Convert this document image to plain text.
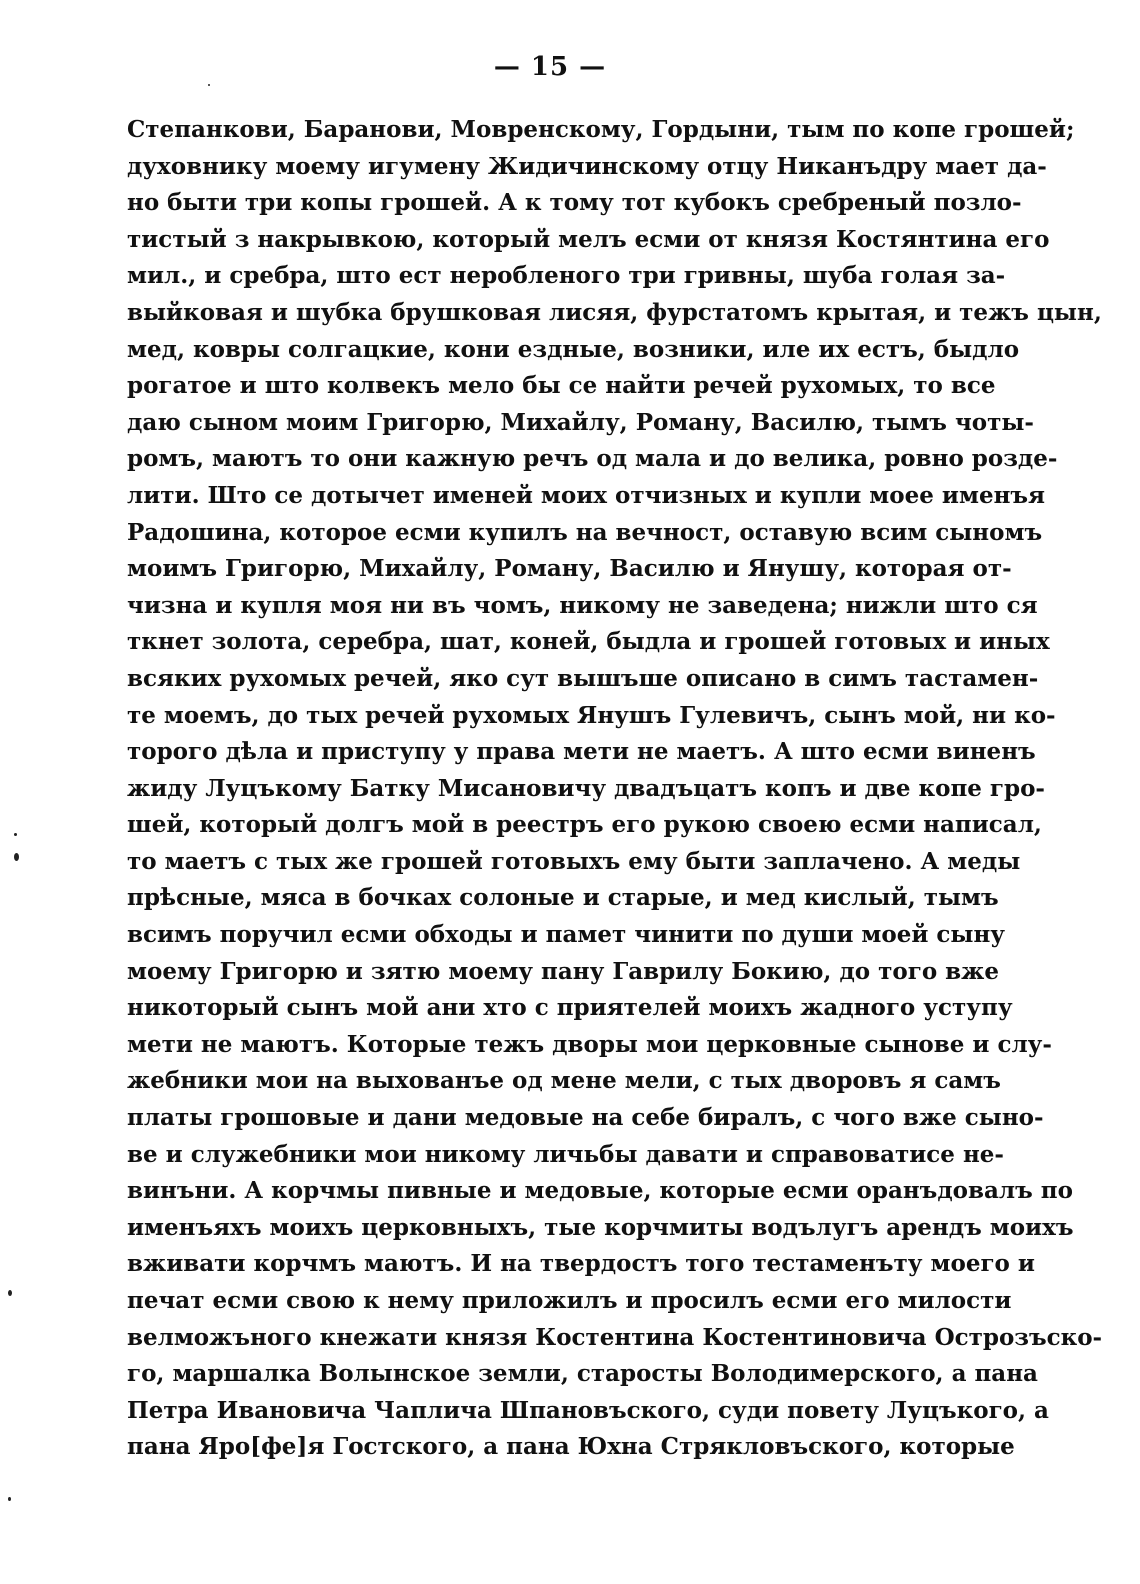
— 15 —
Степанкови, Баранови, Мовренскому, Гордыни, тым по копе грошей;
духовнику моему игумену Жидичинскому отцу Никанъдру мает да-
но быти три копы грошей. А к тому тот кубокъ сребреный позло-
тистый з накрывкою, который мелъ есми от князя Костянтина его
мил., и сребра, што ест неробленого три гривны, шуба голая за-
выйковая и шубка брушковая лисяя, фурстатомъ крытая, и тежъ цын,
мед, ковры солгацкие, кони ездные, возники, иле их естъ, быдло
рогатое и што колвекъ мело бы се найти речей рухомых, то все
даю сыном моим Григорю, Михайлу, Роману, Василю, тымъ чоты-
ромъ, маютъ то они кажную речъ од мала и до велика, ровно розде-
лити. Што се дотычет именей моих отчизных и купли моее именъя
Радошина, которое есми купилъ на вечност, оставую всим сыномъ
моимъ Григорю, Михайлу, Роману, Василю и Янушу, которая от-
чизна и купля моя ни въ чомъ, никому не заведена; нижли што ся
ткнет золота, серебра, шат, коней, быдла и грошей готовых и иных
всяких рухомых речей, яко сут вышъше описано в симъ тастамен-
те моемъ, до тых речей рухомых Янушъ Гулевичъ, сынъ мой, ни ко-
торого дѣла и приступу у права мети не маетъ. А што есми виненъ
жиду Луцъкому Батку Мисановичу двадъцатъ копъ и две копе гро-
шей, который долгъ мой в реестръ его рукою своею есми написал,
то маетъ с тых же грошей готовыхъ ему быти заплачено. А меды
прѣсные, мяса в бочках солоные и старые, и мед кислый, тымъ
всимъ поручил есми обходы и памет чинити по души моей сыну
моему Григорю и зятю моему пану Гаврилу Бокию, до того вже
никоторый сынъ мой ани хто с приятелей моихъ жадного уступу
мети не маютъ. Которые тежъ дворы мои церковные сынове и слу-
жебники мои на выхованъе од мене мели, с тых дворовъ я самъ
платы грошовые и дани медовые на себе биралъ, с чого вже сыно-
ве и служебники мои никому личьбы давати и справоватисе не-
винъни. А корчмы пивные и медовые, которые есми оранъдовалъ по
именъяхъ моихъ церковныхъ, тые корчмиты водълугъ арендъ моихъ
вживати корчмъ маютъ. И на твердостъ того тестаменъту моего и
печат есми свою к нему приложилъ и просилъ есми его милости
велможъного кнежати князя Костентина Костентиновича Острозъско-
го, маршалка Волынское земли, старосты Володимерского, а пана
Петра Ивановича Чаплича Шпановъского, суди повету Луцъкого, а
пана Яро[фе]я Гостского, а пана Юхна Стрякловъского, которые
